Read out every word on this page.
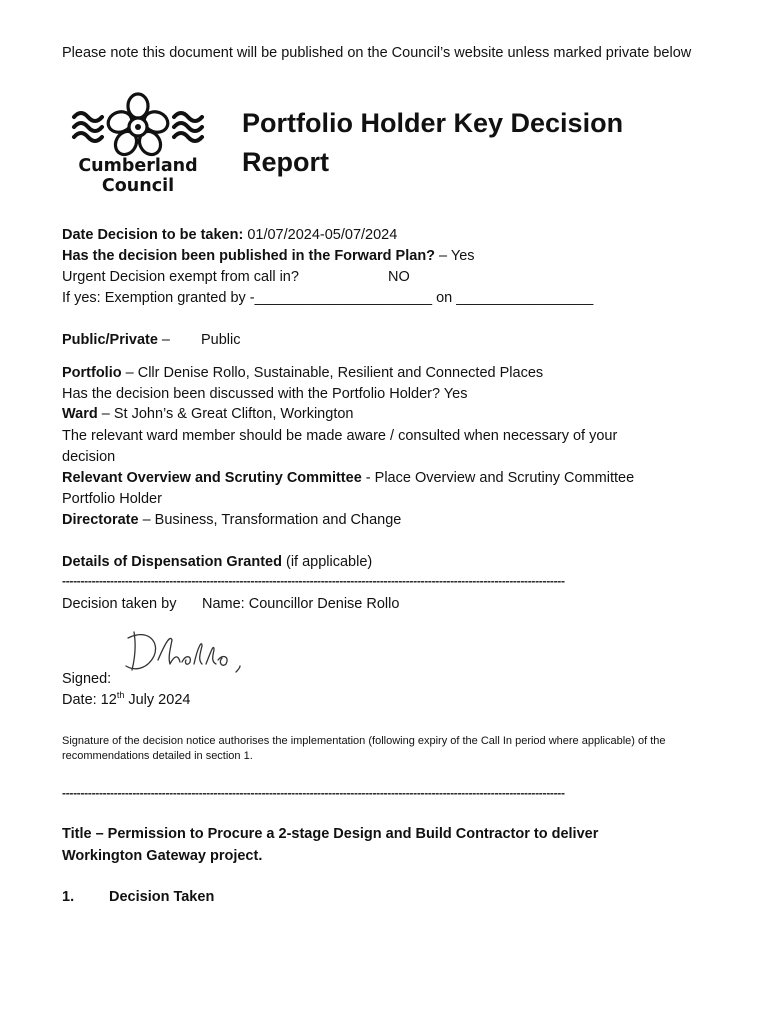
Please note this document will be published on the Council’s website unless marked private below
Cumberland
Council
Portfolio Holder Key Decision
Report
Date Decision to be taken: 01/07/2024-05/07/2024
Has the decision been published in the Forward Plan? – Yes
Urgent Decision exempt from call in?	NO
If yes: Exemption granted by -______________________ on _________________
Public/Private – Public
Portfolio – Cllr Denise Rollo, Sustainable, Resilient and Connected Places
Has the decision been discussed with the Portfolio Holder? Yes
Ward – St John’s & Great Clifton, Workington
The relevant ward member should be made aware / consulted when necessary of your
decision
Relevant Overview and Scrutiny Committee - Place Overview and Scrutiny Committee
Portfolio Holder
Directorate – Business, Transformation and Change
Details of Dispensation Granted (if applicable)
----------------------------------------------------------------------------------------------------------------------------------------
Decision taken by Name: Councillor Denise Rollo
Signed:
Date: 12th July 2024
Signature of the decision notice authorises the implementation (following expiry of the Call In period where applicable) of the recommendations detailed in section 1.
----------------------------------------------------------------------------------------------------------------------------------------
Title – Permission to Procure a 2-stage Design and Build Contractor to deliver
Workington Gateway project.
1. Decision Taken
